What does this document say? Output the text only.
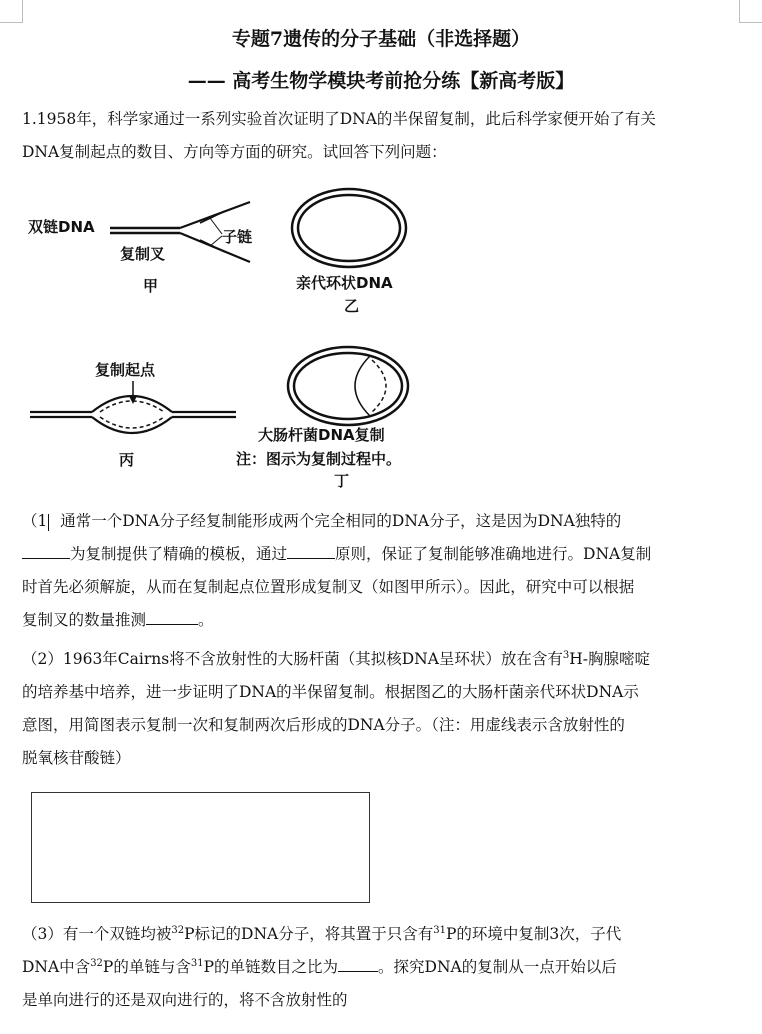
专题7遗传的分子基础（非选择题）
—— 高考生物学模块考前抢分练【新高考版】
1.1958年，科学家通过一系列实验首次证明了DNA的半保留复制，此后科学家便开始了有关
DNA复制起点的数目、方向等方面的研究。试回答下列问题：
双链DNA
子链
复制叉
甲	亲代环状DNA
乙
复制起点
丙
大肠杆菌DNA复制
注：图示为复制过程中。
丁
（1 通常一个DNA分子经复制能形成两个完全相同的DNA分子，这是因为DNA独特的
为复制提供了精确的模板，通过	原则，保证了复制能够准确地进行。DNA复制
时首先必须解旋，从而在复制起点位置形成复制叉（如图甲所示）。因此，研究中可以根据
复制叉的数量推测	。
（2）1963年Cairns将不含放射性的大肠杆菌（其拟核DNA呈环状）放在含有$^3$H-胸腺嘧啶
的培养基中培养，进一步证明了DNA的半保留复制。根据图乙的大肠杆菌亲代环状DNA示
意图，用简图表示复制一次和复制两次后形成的DNA分子。（注：用虚线表示含放射性的
脱氧核苷酸链）
（3）有一个双链均被$^{32}$P标记的DNA分子，将其置于只含有$^{31}$P的环境中复制3次，子代
DNA中含$^{32}$P的单链与含$^{31}$P的单链数目之比为	。探究DNA的复制从一点开始以后
是单向进行的还是双向进行的，将不含放射性的
